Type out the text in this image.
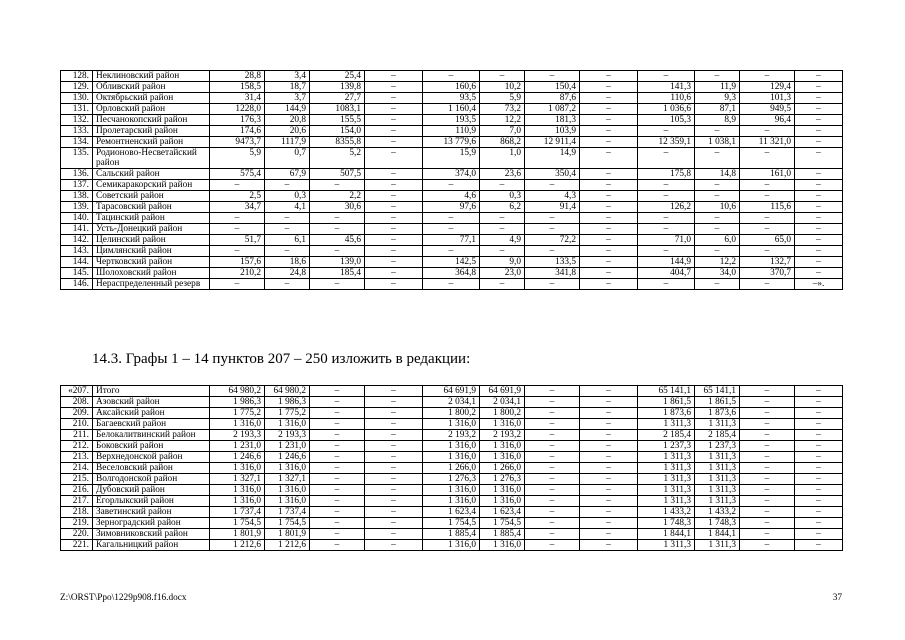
128.	Неклиновский район	28,8	3,4	25,4	–	–	–	–	–	–	–	–	–
129.	Обливский район	158,5	18,7	139,8	–	160,6	10,2	150,4	–	141,3	11,9	129,4	–
130.	Октябрьский район	31,4	3,7	27,7	–	93,5	5,9	87,6	–	110,6	9,3	101,3	–
131.	Орловский район	1228,0	144,9	1083,1	–	1 160,4	73,2	1 087,2	–	1 036,6	87,1	949,5	–
132.	Песчанокопский район	176,3	20,8	155,5	–	193,5	12,2	181,3	–	105,3	8,9	96,4	–
133.	Пролетарский район	174,6	20,6	154,0	–	110,9	7,0	103,9	–	–	–	–	–
134.	Ремонтненский район	9473,7	1117,9	8355,8	–	13 779,6	868,2	12 911,4	–	12 359,1	1 038,1	11 321,0	–
135.	Родионово-Несветайский район	5,9	0,7	5,2	–	15,9	1,0	14,9	–	–	–	–	–
136.	Сальский район	575,4	67,9	507,5	–	374,0	23,6	350,4	–	175,8	14,8	161,0	–
137.	Семикаракорский район	–	–	–	–	–	–	–	–	–	–	–	–
138.	Советский район	2,5	0,3	2,2	–	4,6	0,3	4,3	–	–	–	–	–
139.	Тарасовский район	34,7	4,1	30,6	–	97,6	6,2	91,4	–	126,2	10,6	115,6	–
140.	Тацинский район	–	–	–	–	–	–	–	–	–	–	–	–
141.	Усть-Донецкий район	–	–	–	–	–	–	–	–	–	–	–	–
142.	Целинский район	51,7	6,1	45,6	–	77,1	4,9	72,2	–	71,0	6,0	65,0	–
143.	Цимлянский район	–	–	–	–	–	–	–	–	–	–	–	–
144.	Чертковский район	157,6	18,6	139,0	–	142,5	9,0	133,5	–	144,9	12,2	132,7	–
145.	Шолоховский район	210,2	24,8	185,4	–	364,8	23,0	341,8	–	404,7	34,0	370,7	–
146.	Нераспределенный резерв	–	–	–	–	–	–	–	–	–	–	–	–».
14.3. Графы 1 – 14 пунктов 207 – 250 изложить в редакции:
«207.	Итого	64 980,2	64 980,2	–	–	64 691,9	64 691,9	–	–	65 141,1	65 141,1	–	–
208.	Азовский район	1 986,3	1 986,3	–	–	2 034,1	2 034,1	–	–	1 861,5	1 861,5	–	–
209.	Аксайский район	1 775,2	1 775,2	–	–	1 800,2	1 800,2	–	–	1 873,6	1 873,6	–	–
210.	Багаевский район	1 316,0	1 316,0	–	–	1 316,0	1 316,0	–	–	1 311,3	1 311,3	–	–
211.	Белокалитвинский район	2 193,3	2 193,3	–	–	2 193,2	2 193,2	–	–	2 185,4	2 185,4	–	–
212.	Боковский район	1 231,0	1 231,0	–	–	1 316,0	1 316,0	–	–	1 237,3	1 237,3	–	–
213.	Верхнедонской район	1 246,6	1 246,6	–	–	1 316,0	1 316,0	–	–	1 311,3	1 311,3	–	–
214.	Веселовский район	1 316,0	1 316,0	–	–	1 266,0	1 266,0	–	–	1 311,3	1 311,3	–	–
215.	Волгодонской район	1 327,1	1 327,1	–	–	1 276,3	1 276,3	–	–	1 311,3	1 311,3	–	–
216.	Дубовский район	1 316,0	1 316,0	–	–	1 316,0	1 316,0	–	–	1 311,3	1 311,3	–	–
217.	Егорлыкский район	1 316,0	1 316,0	–	–	1 316,0	1 316,0	–	–	1 311,3	1 311,3	–	–
218.	Заветинский район	1 737,4	1 737,4	–	–	1 623,4	1 623,4	–	–	1 433,2	1 433,2	–	–
219.	Зерноградский район	1 754,5	1 754,5	–	–	1 754,5	1 754,5	–	–	1 748,3	1 748,3	–	–
220.	Зимовниковский район	1 801,9	1 801,9	–	–	1 885,4	1 885,4	–	–	1 844,1	1 844,1	–	–
221.	Кагальницкий район	1 212,6	1 212,6	–	–	1 316,0	1 316,0	–	–	1 311,3	1 311,3	–	–
Z:\ORST\Ppo\1229p908.f16.docx	37
